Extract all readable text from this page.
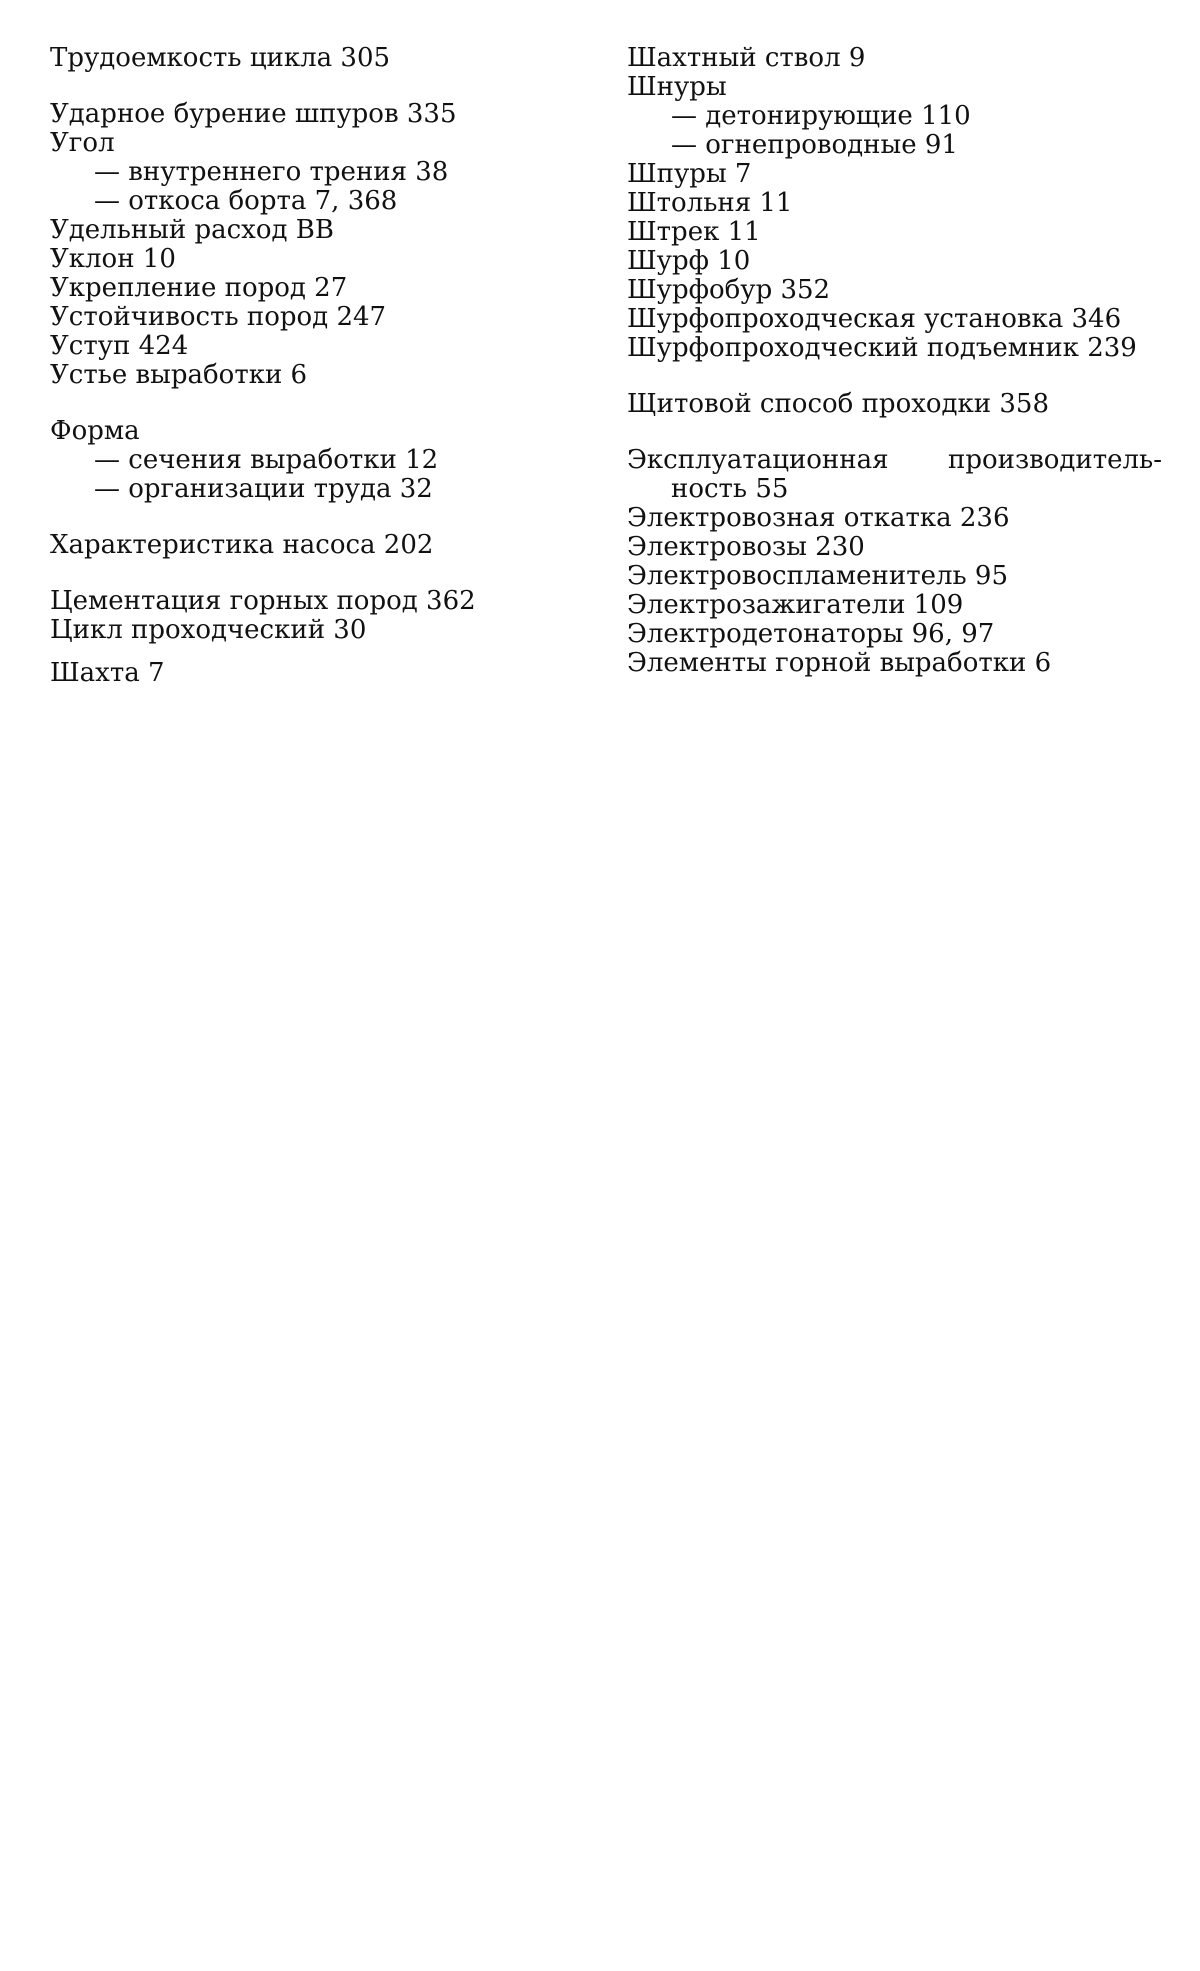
Трудоемкость цикла 305
Ударное бурение шпуров 335
Угол
— внутреннего трения 38
— откоса борта 7, 368
Удельный расход ВВ
Уклон 10
Укрепление пород 27
Устойчивость пород 247
Уступ 424
Устье выработки 6
Форма
— сечения выработки 12
— организации труда 32
Характеристика насоса 202
Цементация горных пород 362
Цикл проходческий 30
Шахта 7
Шахтный ствол 9
Шнуры
— детонирующие 110
— огнепроводные 91
Шпуры 7
Штольня 11
Штрек 11
Шурф 10
Шурфобур 352
Шурфопроходческая установка 346
Шурфопроходческий подъемник 239
Щитовой способ проходки 358
Эксплуатационная производитель-
ность 55
Электровозная откатка 236
Электровозы 230
Электровоспламенитель 95
Электрозажигатели 109
Электродетонаторы 96, 97
Элементы горной выработки 6
